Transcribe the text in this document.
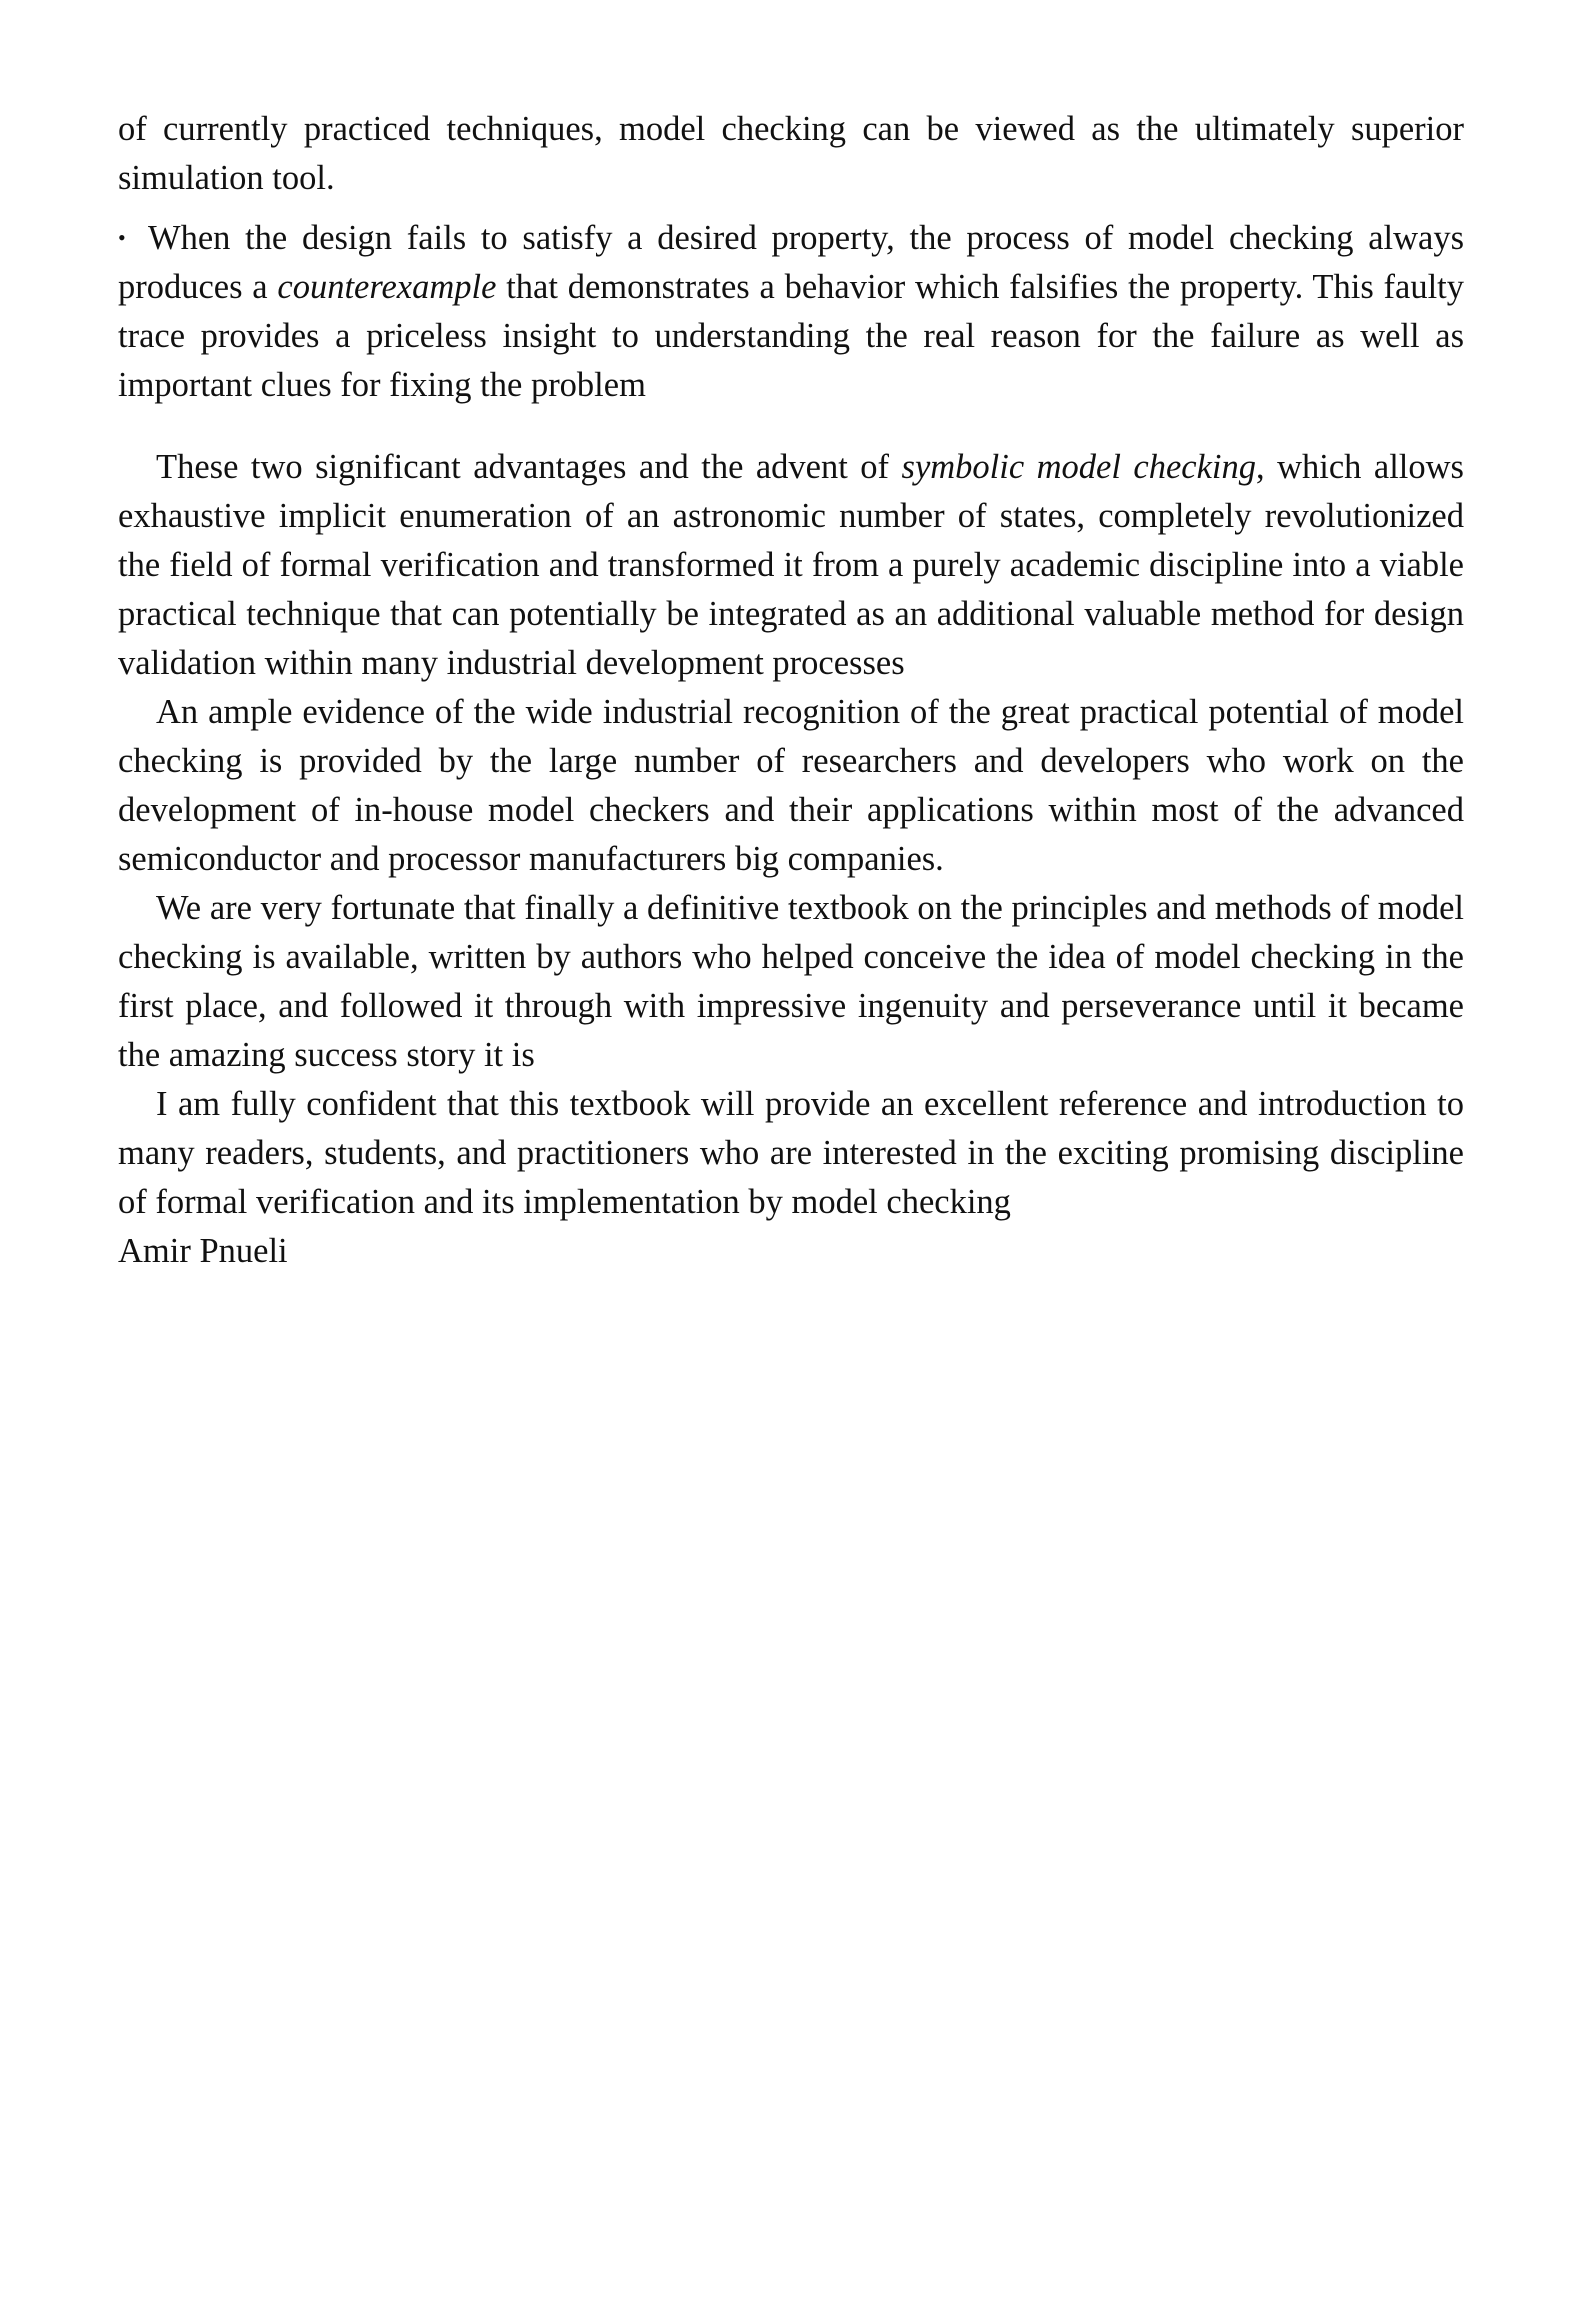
of currently practiced techniques, model checking can be viewed as the ultimately superior simulation tool.

• When the design fails to satisfy a desired property, the process of model checking always produces a counterexample that demonstrates a behavior which falsifies the property. This faulty trace provides a priceless insight to understanding the real reason for the failure as well as important clues for fixing the problem

These two significant advantages and the advent of symbolic model checking, which allows exhaustive implicit enumeration of an astronomic number of states, completely revolutionized the field of formal verification and transformed it from a purely academic discipline into a viable practical technique that can potentially be integrated as an additional valuable method for design validation within many industrial development processes

An ample evidence of the wide industrial recognition of the great practical potential of model checking is provided by the large number of researchers and developers who work on the development of in-house model checkers and their applications within most of the advanced semiconductor and processor manufacturers big companies.

We are very fortunate that finally a definitive textbook on the principles and methods of model checking is available, written by authors who helped conceive the idea of model checking in the first place, and followed it through with impressive ingenuity and perseverance until it became the amazing success story it is

I am fully confident that this textbook will provide an excellent reference and introduction to many readers, students, and practitioners who are interested in the exciting promising discipline of formal verification and its implementation by model checking

Amir Pnueli
